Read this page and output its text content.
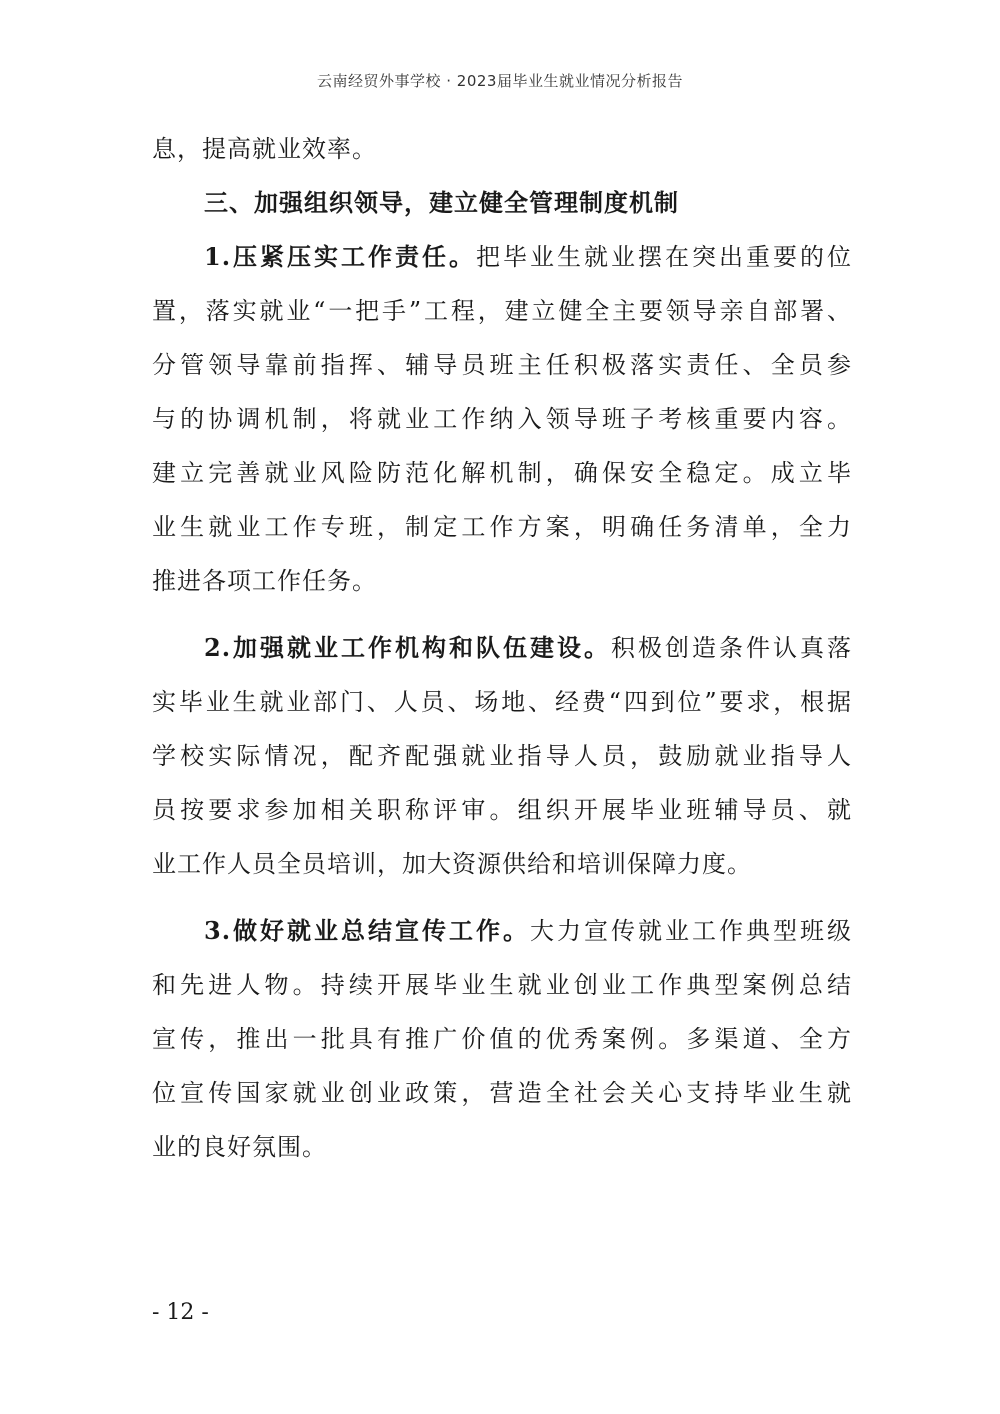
云南经贸外事学校 · 2023届毕业生就业情况分析报告
息，提高就业效率。
三、加强组织领导，建立健全管理制度机制
1.压紧压实工作责任。把毕业生就业摆在突出重要的位
置，落实就业“一把手”工程，建立健全主要领导亲自部署、
分管领导靠前指挥、辅导员班主任积极落实责任、全员参
与的协调机制，将就业工作纳入领导班子考核重要内容。
建立完善就业风险防范化解机制，确保安全稳定。成立毕
业生就业工作专班，制定工作方案，明确任务清单，全力
推进各项工作任务。
2.加强就业工作机构和队伍建设。积极创造条件认真落
实毕业生就业部门、人员、场地、经费“四到位”要求，根据
学校实际情况，配齐配强就业指导人员，鼓励就业指导人
员按要求参加相关职称评审。组织开展毕业班辅导员、就
业工作人员全员培训，加大资源供给和培训保障力度。
3.做好就业总结宣传工作。大力宣传就业工作典型班级
和先进人物。持续开展毕业生就业创业工作典型案例总结
宣传，推出一批具有推广价值的优秀案例。多渠道、全方
位宣传国家就业创业政策，营造全社会关心支持毕业生就
业的良好氛围。
- 12 -
